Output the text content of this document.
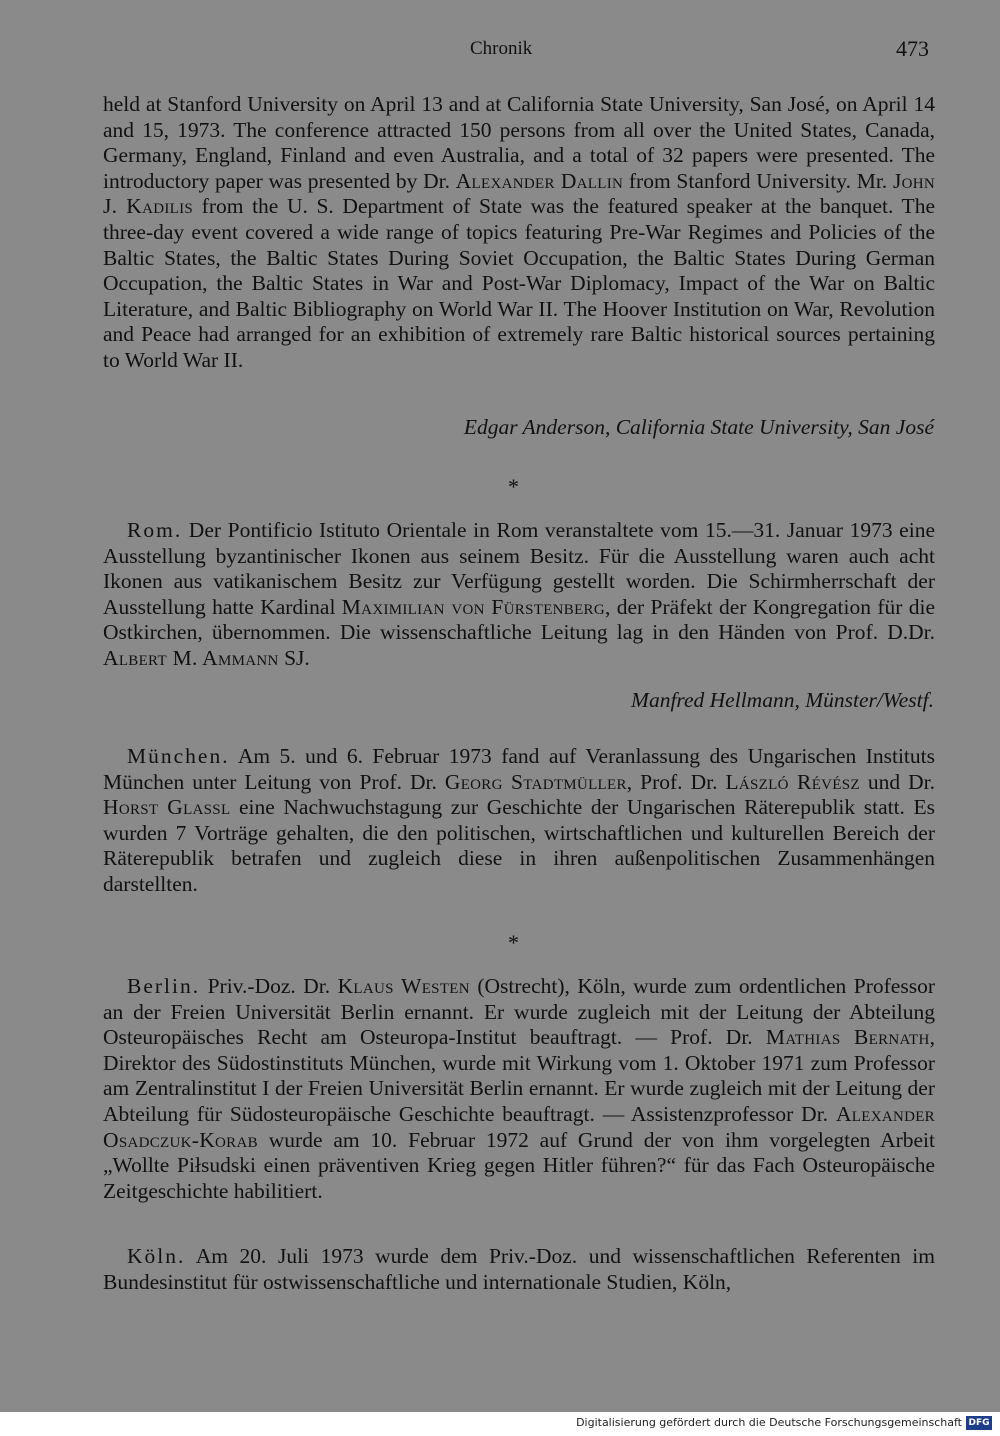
Chronik	473

held at Stanford University on April 13 and at California State University, San José, on April 14 and 15, 1973. The conference attracted 150 persons from all over the United States, Canada, Germany, England, Finland and even Australia, and a total of 32 papers were presented. The introductory paper was presented by Dr. Alexander Dallin from Stanford University. Mr. John J. Kadilis from the U. S. Department of State was the featured speaker at the banquet. The three-day event covered a wide range of topics featuring Pre-War Regimes and Policies of the Baltic States, the Baltic States During Soviet Occupation, the Baltic States During German Occupation, the Baltic States in War and Post-War Diplomacy, Impact of the War on Baltic Literature, and Baltic Bibliography on World War II. The Hoover Institution on War, Revolution and Peace had arranged for an exhibition of extremely rare Baltic historical sources pertaining to World War II.

Edgar Anderson, California State University, San José
*

Rom. Der Pontificio Istituto Orientale in Rom veranstaltete vom 15.—31. Januar 1973 eine Ausstellung byzantinischer Ikonen aus seinem Besitz. Für die Ausstellung waren auch acht Ikonen aus vatikanischem Besitz zur Verfügung gestellt worden. Die Schirmherrschaft der Ausstellung hatte Kardinal Maximilian von Fürstenberg, der Präfekt der Kongregation für die Ostkirchen, übernommen. Die wissenschaftliche Leitung lag in den Händen von Prof. D.Dr. Albert M. Ammann SJ.

Manfred Hellmann, Münster/Westf.

München. Am 5. und 6. Februar 1973 fand auf Veranlassung des Ungarischen Instituts München unter Leitung von Prof. Dr. Georg Stadtmüller, Prof. Dr. László Révész und Dr. Horst Glassl eine Nachwuchstagung zur Geschichte der Ungarischen Räterepublik statt. Es wurden 7 Vorträge gehalten, die den politischen, wirtschaftlichen und kulturellen Bereich der Räterepublik betrafen und zugleich diese in ihren außenpolitischen Zusammenhängen darstellten.

*

Berlin. Priv.-Doz. Dr. Klaus Westen (Ostrecht), Köln, wurde zum ordentlichen Professor an der Freien Universität Berlin ernannt. Er wurde zugleich mit der Leitung der Abteilung Osteuropäisches Recht am Osteuropa-Institut beauftragt. — Prof. Dr. Mathias Bernath, Direktor des Südostinstituts München, wurde mit Wirkung vom 1. Oktober 1971 zum Professor am Zentralinstitut I der Freien Universität Berlin ernannt. Er wurde zugleich mit der Leitung der Abteilung für Südosteuropäische Geschichte beauftragt. — Assistenzprofessor Dr. Alexander Osadczuk-Korab wurde am 10. Februar 1972 auf Grund der von ihm vorgelegten Arbeit „Wollte Piłsudski einen präventiven Krieg gegen Hitler führen?“ für das Fach Osteuropäische Zeitgeschichte habilitiert.

Köln. Am 20. Juli 1973 wurde dem Priv.-Doz. und wissenschaftlichen Referenten im Bundesinstitut für ostwissenschaftliche und internationale Studien, Köln,

Digitalisierung gefördert durch die Deutsche Forschungsgemeinschaft DFG
